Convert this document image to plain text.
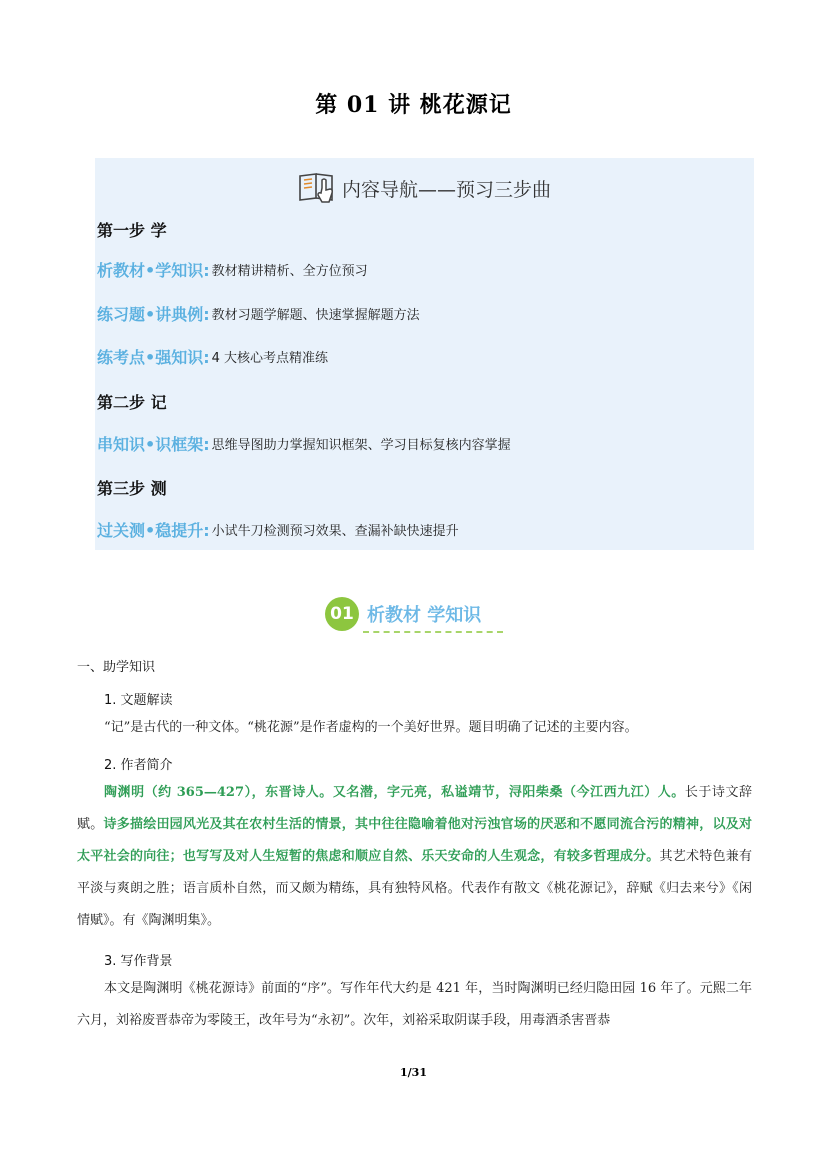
第 01 讲 桃花源记
内容导航——预习三步曲
第一步 学
析教材•学知识: 教材精讲精析、全方位预习
练习题•讲典例: 教材习题学解题、快速掌握解题方法
练考点•强知识: 4 大核心考点精准练
第二步 记
串知识•识框架: 思维导图助力掌握知识框架、学习目标复核内容掌握
第三步 测
过关测•稳提升: 小试牛刀检测预习效果、查漏补缺快速提升
01 析教材 学知识
一、助学知识
1. 文题解读
“记”是古代的一种文体。“桃花源”是作者虚构的一个美好世界。题目明确了记述的主要内容。
2. 作者简介
陶渊明（约 365—427），东晋诗人。又名潜，字元亮，私谥靖节，浔阳柴桑（今江西九江）人。长于诗文辞赋。诗多描绘田园风光及其在农村生活的情景，其中往往隐喻着他对污浊官场的厌恶和不愿同流合污的精神，以及对太平社会的向往；也写写及对人生短暂的焦虑和顺应自然、乐天安命的人生观念，有较多哲理成分。其艺术特色兼有平淡与爽朗之胜；语言质朴自然，而又颇为精练，具有独特风格。代表作有散文《桃花源记》，辞赋《归去来兮》《闲情赋》。有《陶渊明集》。
3. 写作背景
本文是陶渊明《桃花源诗》前面的“序”。写作年代大约是 421 年，当时陶渊明已经归隐田园 16 年了。元熙二年六月，刘裕废晋恭帝为零陵王，改年号为“永初”。次年，刘裕采取阴谋手段，用毒酒杀害晋恭
1/31
